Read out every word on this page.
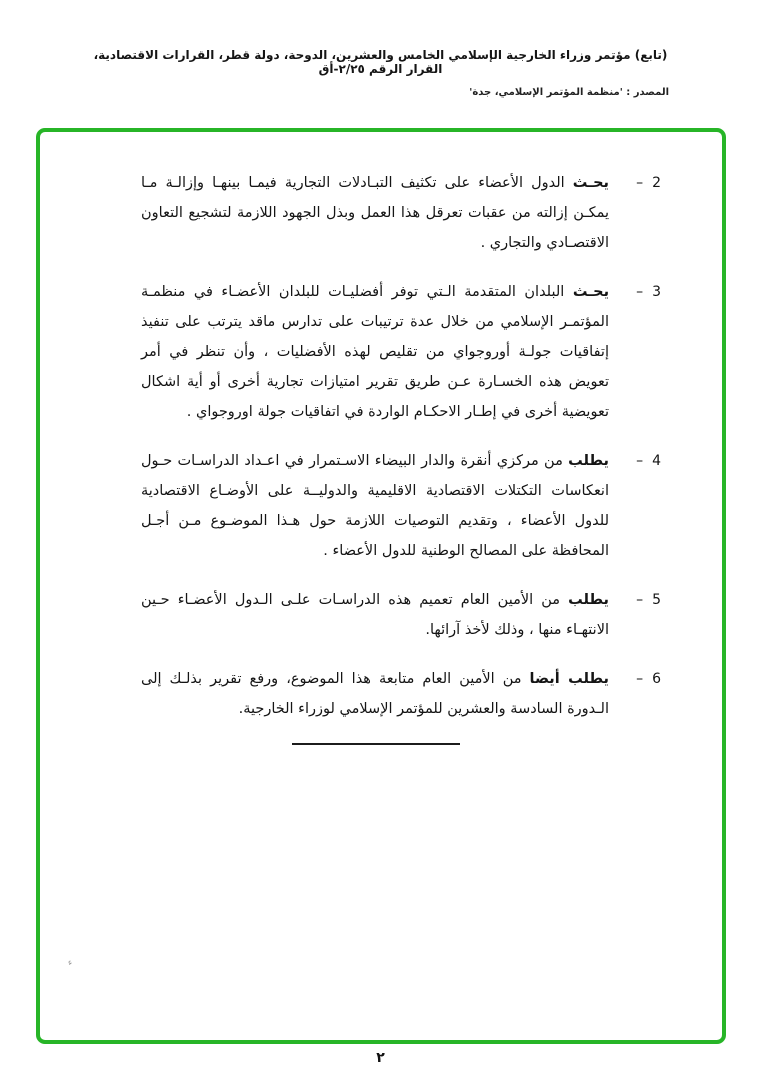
(تابع) مؤتمر وزراء الخارجية الإسلامي الخامس والعشرين، الدوحة، دولة قطر، القرارات الاقتصادية، القرار الرقم ٢/٢٥-أق
المصدر : 'منظمة المؤتمر الإسلامي، جدة'
2
–
يحـث الدول الأعضاء على تكثيف التبـادلات التجارية فيمـا بينهـا وإزالـة مـا يمكـن إزالته من عقبات تعرقل هذا العمل وبذل الجهود اللازمة لتشجيع التعاون الاقتصـادي والتجاري .
3
–
يحـث البلدان المتقدمة الـتي توفر أفضليـات للبلدان الأعضـاء في منظمـة المؤتمـر الإسلامي من خلال عدة ترتيبات على تدارس ماقد يترتب على تنفيذ إتفاقيات جولـة أوروجواي من تقليص لهذه الأفضليات ، وأن تنظر في أمر تعويض هذه الخسـارة عـن طريق تقرير امتيازات تجارية أخرى أو أية اشكال تعويضية أخرى في إطـار الاحكـام الواردة في اتفاقيات جولة اوروجواي .
4
–
يطلب من مركزي أنقرة والدار البيضاء الاسـتمرار في اعـداد الدراسـات حـول انعكاسات التكتلات الاقتصادية الاقليمية والدوليــة على الأوضـاع الاقتصادية للدول الأعضاء ، وتقديم التوصيات اللازمة حول هـذا الموضـوع مـن أجـل المحافظة على المصالح الوطنية للدول الأعضاء .
5
–
يطلب من الأمين العام تعميم هذه الدراسـات علـى الـدول الأعضـاء حـين الانتهـاء منها ، وذلك لأخذ آرائها.
6
–
يطلب أيضا من الأمين العام متابعة هذا الموضوع، ورفع تقرير بذلـك إلى الـدورة السادسة والعشرين للمؤتمر الإسلامي لوزراء الخارجية.
ء
٢
